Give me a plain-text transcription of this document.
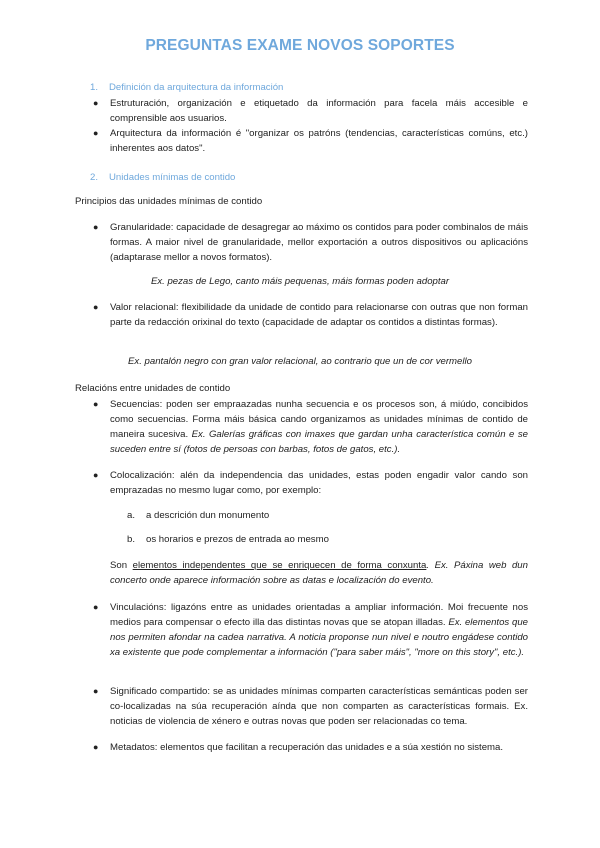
PREGUNTAS EXAME NOVOS SOPORTES
1. Definición da arquitectura da información
● Estruturación, organización e etiquetado da información para facela máis accesible e comprensible aos usuarios.
● Arquitectura da información é "organizar os patróns (tendencias, características comúns, etc.) inherentes aos datos".
2. Unidades mínimas de contido
Principios das unidades mínimas de contido
● Granularidade: capacidade de desagregar ao máximo os contidos para poder combinalos de máis formas. A maior nivel de granularidade, mellor exportación a outros dispositivos ou aplicacións (adaptarase mellor a novos formatos).
Ex. pezas de Lego, canto máis pequenas, máis formas poden adoptar
● Valor relacional: flexibilidade da unidade de contido para relacionarse con outras que non forman parte da redacción orixinal do texto (capacidade de adaptar os contidos a distintas formas).
Ex. pantalón negro con gran valor relacional, ao contrario que un de cor vermello
Relacións entre unidades de contido
● Secuencias: poden ser empraazadas nunha secuencia e os procesos son, á miúdo, concibidos como secuencias. Forma máis básica cando organizamos as unidades mínimas de contido de maneira sucesiva. Ex. Galerías gráficas con imaxes que gardan unha característica común e se suceden entre sí (fotos de persoas con barbas, fotos de gatos, etc.).
● Colocalización: alén da independencia das unidades, estas poden engadir valor cando son emprazadas no mesmo lugar como, por exemplo:
a. a descrición dun monumento
b. os horarios e prezos de entrada ao mesmo
Son elementos independentes que se enriquecen de forma conxunta. Ex. Páxina web dun concerto onde aparece información sobre as datas e localización do evento.
● Vinculacións: ligazóns entre as unidades orientadas a ampliar información. Moi frecuente nos medios para compensar o efecto illa das distintas novas que se atopan illadas. Ex. elementos que nos permiten afondar na cadea narrativa. A noticia proponse nun nivel e noutro engádese contido xa existente que pode complementar a información ("para saber máis", "more on this story", etc.).
● Significado compartido: se as unidades mínimas comparten características semánticas poden ser co-localizadas na súa recuperación aínda que non comparten as características formais. Ex. noticias de violencia de xénero e outras novas que poden ser relacionadas co tema.
● Metadatos: elementos que facilitan a recuperación das unidades e a súa xestión no sistema.
